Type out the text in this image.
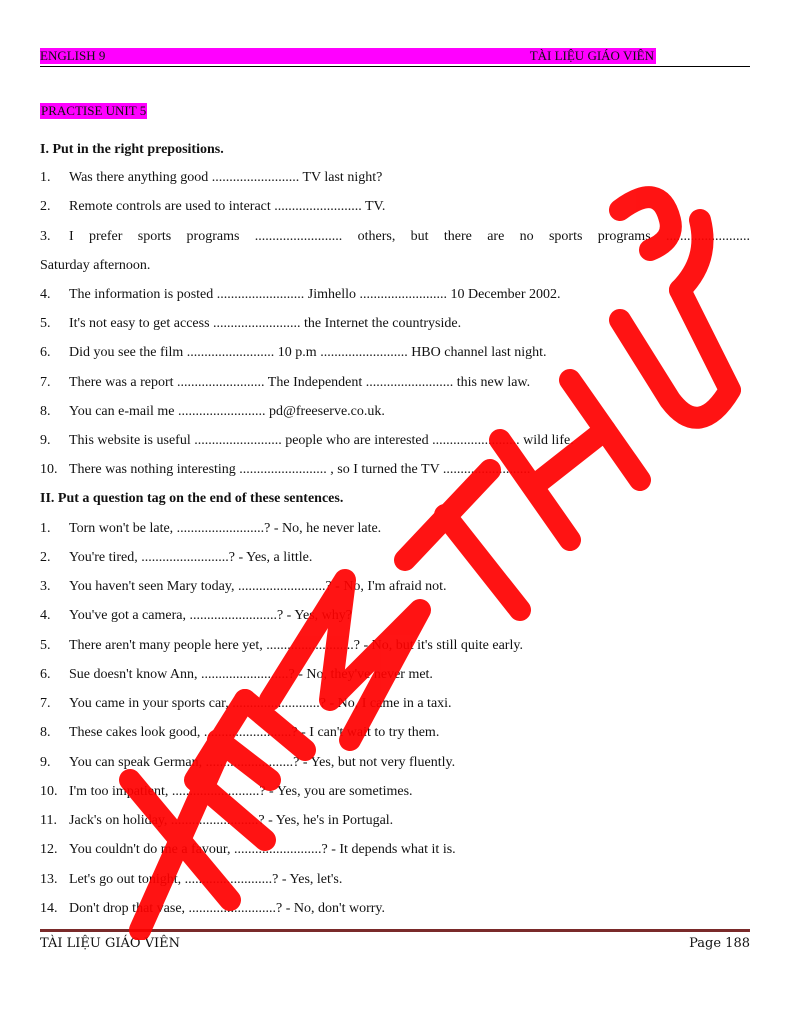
ENGLISH 9	TÀI LIỆU GIÁO VIÊN
PRACTISE UNIT 5
I. Put in the right prepositions.
1. Was there anything good ......................... TV last night?
2. Remote controls are used to interact ......................... TV.
3. I prefer sports programs ......................... others, but there are no sports programs ........................
Saturday afternoon.
4. The information is posted ......................... Jimhello ......................... 10 December 2002.
5. It's not easy to get access ......................... the Internet the countryside.
6. Did you see the film ......................... 10 p.m ......................... HBO channel last night.
7. There was a report ......................... The Independent ......................... this new law.
8. You can e-mail me ......................... pd@freeserve.co.uk.
9. This website is useful ......................... people who are interested ......................... wild life.
10. There was nothing interesting ......................... , so I turned the TV .........................
II. Put a question tag on the end of these sentences.
1. Torn won't be late, .........................? - No, he never late.
2. You're tired, .........................? - Yes, a little.
3. You haven't seen Mary today, .........................? - No, I'm afraid not.
4. You've got a camera, .........................? - Yes, why?
5. There aren't many people here yet, .........................? - No, but it's still quite early.
6. Sue doesn't know Ann, .........................? - No, they've never met.
7. You came in your sports car, .........................? - No, I came in a taxi.
8. These cakes look good, .........................? - I can't wait to try them.
9. You can speak German, .........................? - Yes, but not very fluently.
10. I'm too impatient, .........................? - Yes, you are sometimes.
11. Jack's on holiday, .........................? - Yes, he's in Portugal.
12. You couldn't do me a favour, .........................? - It depends what it is.
13. Let's go out tonight, .........................? - Yes, let's.
14. Don't drop that vase, .........................? - No, don't worry.
TÀI LIỆU GIÁO VIÊN	Page 188
